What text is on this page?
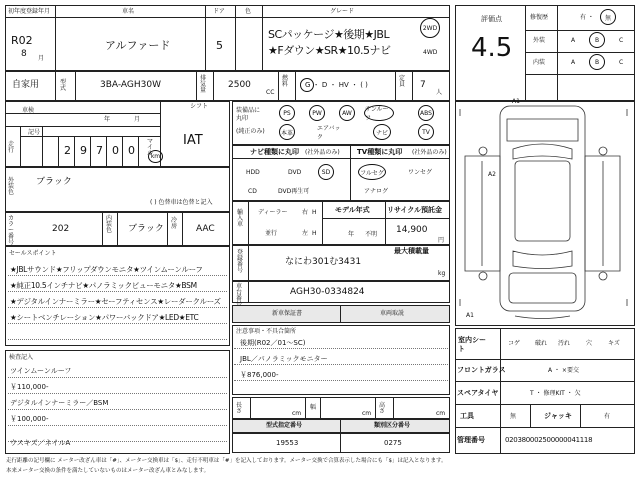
初年度登録年月
R02
8 月
車名
アルファード
ドア
5
色	グレード
SCパッケージ★後期★JBL
★Fダウン★SR★10.5ナビ
2WD
4WD
自家用	型式	3BA-AGH30W
排気量
2500
CC
燃料 G ・ D ・ HV ・ ( )
定員 7
人
評価点
4.5
修復歴	有 ・ 無
外装	A	B	C
内装	A	B	C
車検
年	月
シフト
IAT
記号
走行	2 9 7 0 0
マイル
km
装備品に丸印
(純正のみ)
PS	PW	AW サンルーフ
ABS
本革
エアバック
ナビ	TV
ナビ種類に丸印 (社外品のみ)
HDD	DVD	SD
CD	DVD再生可
TV種類に丸印 (社外品のみ)
フルセグ	ワンセグ
アナログ
外装色
ブラック
( ) 色替車は色替と記入
カラー番号
202
内装色 ブラック
冷房 AAC
輸入車
ディーラー
並行
右
左
H
H
モデル年式
年 不明
リサイクル預託金
14,900
円
登録番号
最大積載量
なにわ301む3431
kg
車台番
AGH30-0334824
新車保証書	車両取説
セールスポイント
★JBLサウンド★フリップダウンモニタ★ツインムーンルーフ
★純正10.5インチナビ★パノラミックビューモニタ★BSM
★デジタルインナーミラー★セーフティセンス★レーダークルーズ
★シートベンチレーション★パワーバックドア★LED★ETC
検査記入
ツインムーンルーフ
￥110,000-
デジタルインナーミラー／BSM
￥100,000-
ウスキズ／ネイルA
注意事項・不具合箇所
後期(R02／01～SC)
JBL／パノラミックモニター
￥876,000-
長さ	cm
幅
cm
高さ	cm
型式指定番号	類別区分番号
19553	0275
A1
A2
A1
室内シート
コゲ 破れ 汚れ	穴	キズ
フロントガラス	A ・ ×要交
スペアタイヤ	T ・ 修理KIT ・ 欠
工具	無	ジャッキ	有
管理番号	020380002500000041118
走行距離の記号欄に メーター改ざん車は「#」、メーター交換車は「$」、走行不明車は「#」を記入しております。メーター交換で合算表示した場合にも「$」は記入となります。
本来メーター交換の条件を満たしていないものはメーター改ざん車とみなします。
